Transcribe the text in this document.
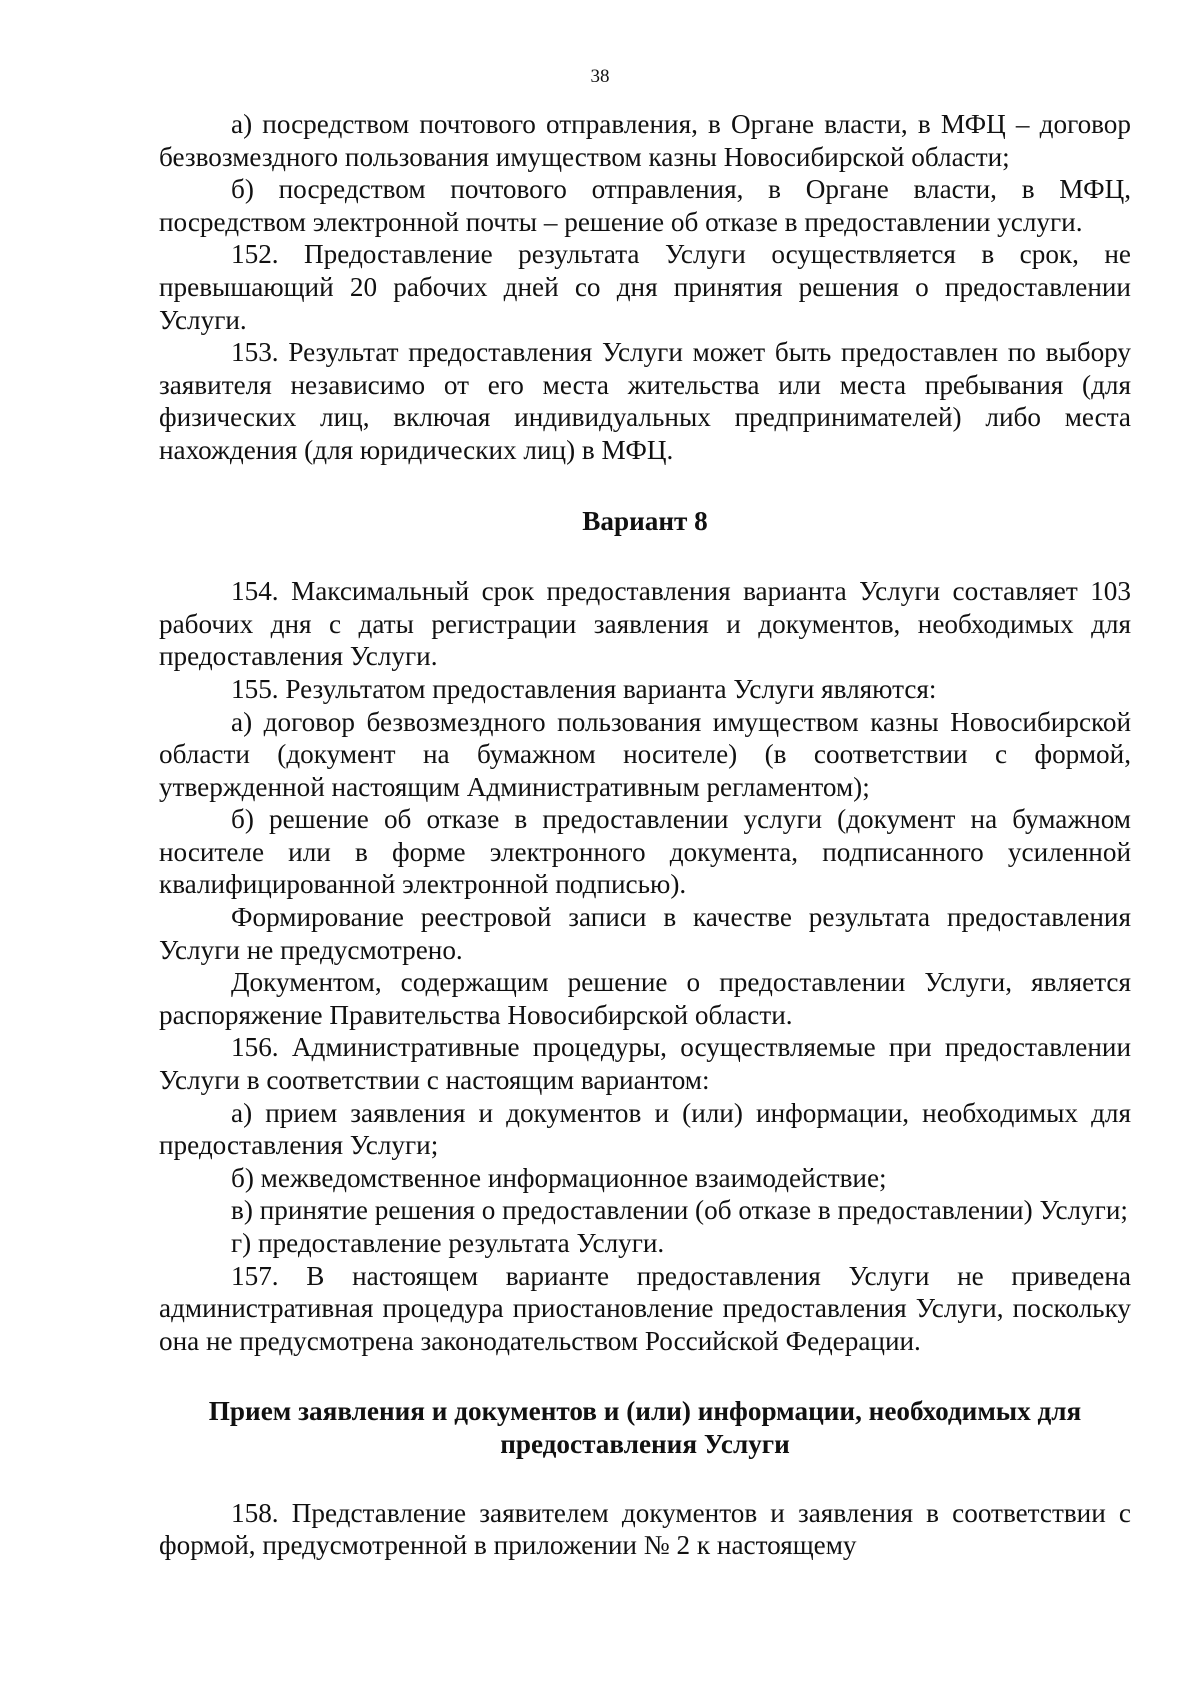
38

а) посредством почтового отправления, в Органе власти, в МФЦ – договор безвозмездного пользования имуществом казны Новосибирской области;

б) посредством почтового отправления, в Органе власти, в МФЦ, посредством электронной почты – решение об отказе в предоставлении услуги.

152. Предоставление результата Услуги осуществляется в срок, не превышающий 20 рабочих дней со дня принятия решения о предоставлении Услуги.

153. Результат предоставления Услуги может быть предоставлен по выбору заявителя независимо от его места жительства или места пребывания (для физических лиц, включая индивидуальных предпринимателей) либо места нахождения (для юридических лиц) в МФЦ.

Вариант 8

154. Максимальный срок предоставления варианта Услуги составляет 103 рабочих дня с даты регистрации заявления и документов, необходимых для предоставления Услуги.

155. Результатом предоставления варианта Услуги являются:

а) договор безвозмездного пользования имуществом казны Новосибирской области (документ на бумажном носителе) (в соответствии с формой, утвержденной настоящим Административным регламентом);

б) решение об отказе в предоставлении услуги (документ на бумажном носителе или в форме электронного документа, подписанного усиленной квалифицированной электронной подписью).

Формирование реестровой записи в качестве результата предоставления Услуги не предусмотрено.

Документом, содержащим решение о предоставлении Услуги, является распоряжение Правительства Новосибирской области.

156. Административные процедуры, осуществляемые при предоставлении Услуги в соответствии с настоящим вариантом:

а) прием заявления и документов и (или) информации, необходимых для предоставления Услуги;

б) межведомственное информационное взаимодействие;

в) принятие решения о предоставлении (об отказе в предоставлении) Услуги;

г) предоставление результата Услуги.

157. В настоящем варианте предоставления Услуги не приведена административная процедура приостановление предоставления Услуги, поскольку она не предусмотрена законодательством Российской Федерации.

Прием заявления и документов и (или) информации, необходимых для предоставления Услуги

158. Представление заявителем документов и заявления в соответствии с формой, предусмотренной в приложении № 2 к настоящему
